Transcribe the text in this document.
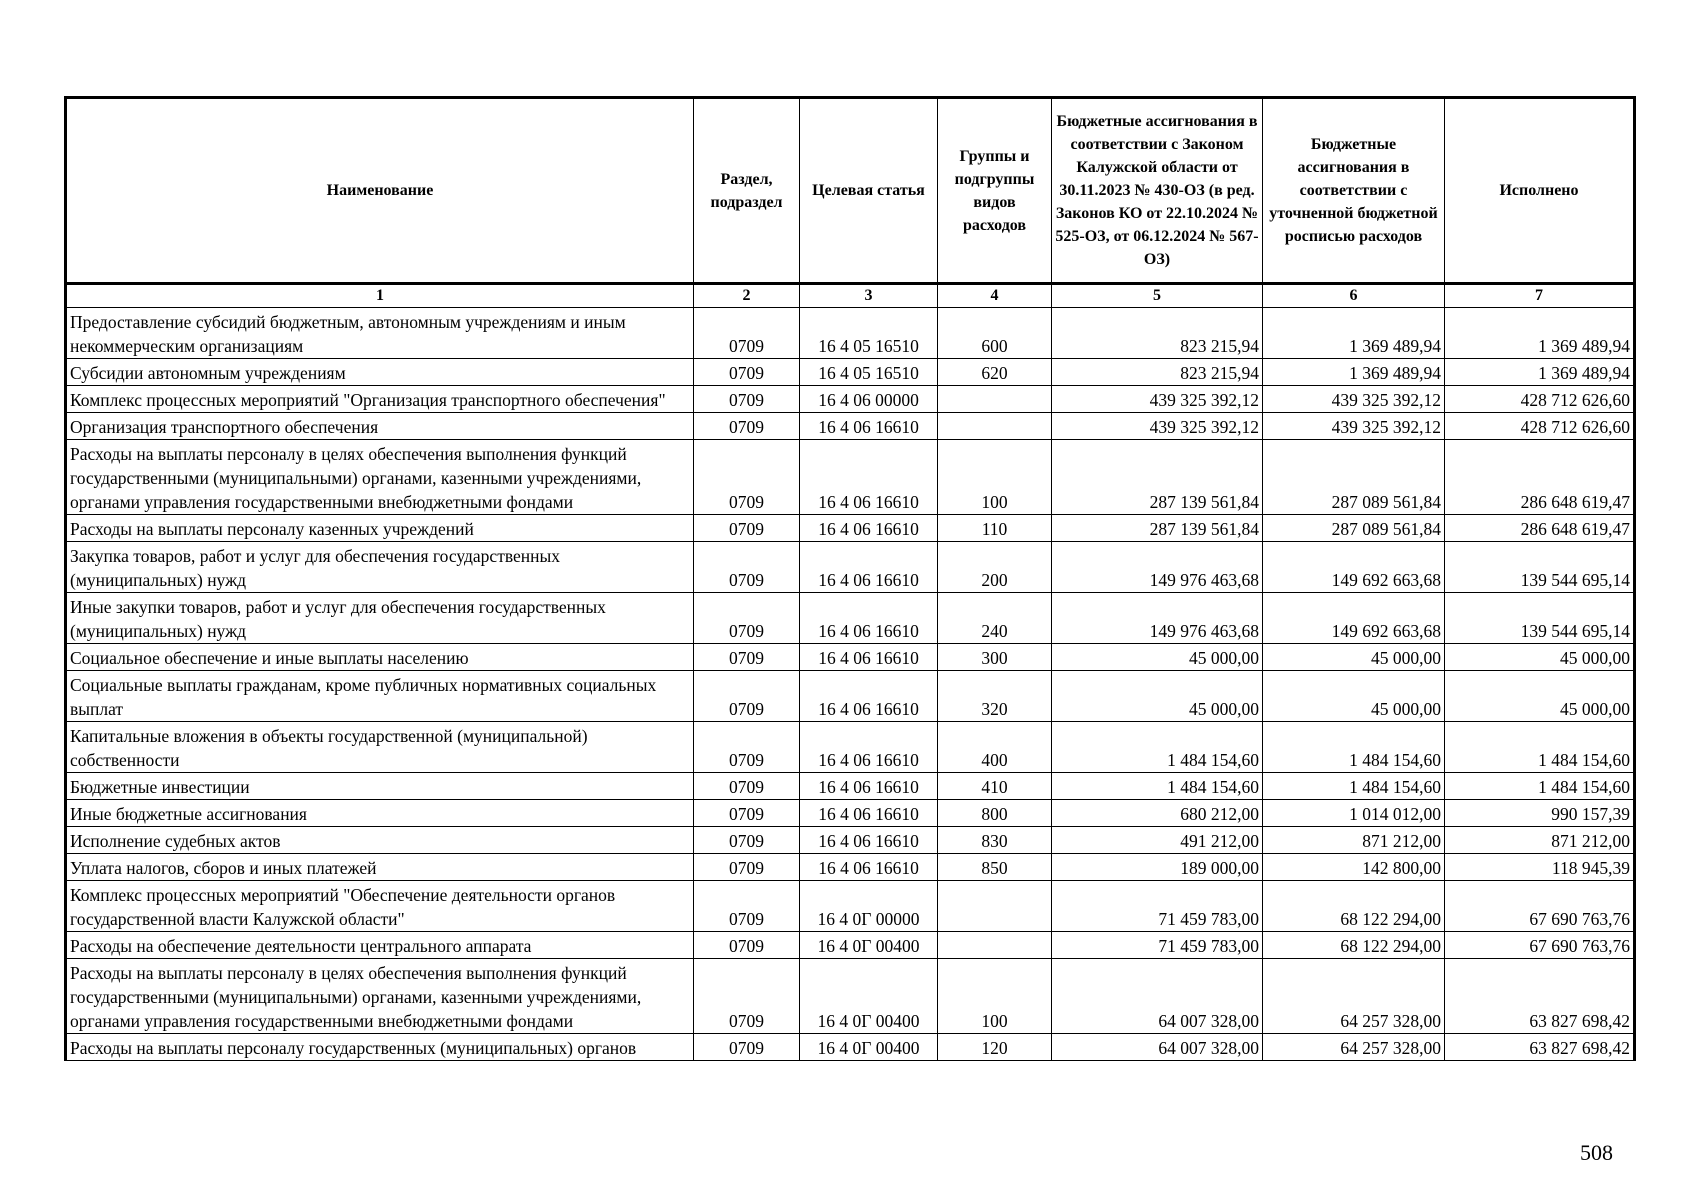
Наименование	Раздел, подраздел	Целевая статья	Группы и подгруппы видов расходов	Бюджетные ассигнования в соответствии с Законом Калужской области от 30.11.2023 № 430-ОЗ (в ред. Законов КО от 22.10.2024 № 525-ОЗ, от 06.12.2024 № 567-ОЗ)	Бюджетные ассигнования в соответствии с уточненной бюджетной росписью расходов	Исполнено
1	2	3	4	5	6	7
Предоставление субсидий бюджетным, автономным учреждениям и иным некоммерческим организациям	0709	16 4 05 16510	600	823 215,94	1 369 489,94	1 369 489,94
Субсидии автономным учреждениям	0709	16 4 05 16510	620	823 215,94	1 369 489,94	1 369 489,94
Комплекс процессных мероприятий "Организация транспортного обеспечения"	0709	16 4 06 00000		439 325 392,12	439 325 392,12	428 712 626,60
Организация транспортного обеспечения	0709	16 4 06 16610		439 325 392,12	439 325 392,12	428 712 626,60
Расходы на выплаты персоналу в целях обеспечения выполнения функций государственными (муниципальными) органами, казенными учреждениями, органами управления государственными внебюджетными фондами	0709	16 4 06 16610	100	287 139 561,84	287 089 561,84	286 648 619,47
Расходы на выплаты персоналу казенных учреждений	0709	16 4 06 16610	110	287 139 561,84	287 089 561,84	286 648 619,47
Закупка товаров, работ и услуг для обеспечения государственных (муниципальных) нужд	0709	16 4 06 16610	200	149 976 463,68	149 692 663,68	139 544 695,14
Иные закупки товаров, работ и услуг для обеспечения государственных (муниципальных) нужд	0709	16 4 06 16610	240	149 976 463,68	149 692 663,68	139 544 695,14
Социальное обеспечение и иные выплаты населению	0709	16 4 06 16610	300	45 000,00	45 000,00	45 000,00
Социальные выплаты гражданам, кроме публичных нормативных социальных выплат	0709	16 4 06 16610	320	45 000,00	45 000,00	45 000,00
Капитальные вложения в объекты государственной (муниципальной) собственности	0709	16 4 06 16610	400	1 484 154,60	1 484 154,60	1 484 154,60
Бюджетные инвестиции	0709	16 4 06 16610	410	1 484 154,60	1 484 154,60	1 484 154,60
Иные бюджетные ассигнования	0709	16 4 06 16610	800	680 212,00	1 014 012,00	990 157,39
Исполнение судебных актов	0709	16 4 06 16610	830	491 212,00	871 212,00	871 212,00
Уплата налогов, сборов и иных платежей	0709	16 4 06 16610	850	189 000,00	142 800,00	118 945,39
Комплекс процессных мероприятий "Обеспечение деятельности органов государственной власти Калужской области"	0709	16 4 0Г 00000		71 459 783,00	68 122 294,00	67 690 763,76
Расходы на обеспечение деятельности центрального аппарата	0709	16 4 0Г 00400		71 459 783,00	68 122 294,00	67 690 763,76
Расходы на выплаты персоналу в целях обеспечения выполнения функций государственными (муниципальными) органами, казенными учреждениями, органами управления государственными внебюджетными фондами	0709	16 4 0Г 00400	100	64 007 328,00	64 257 328,00	63 827 698,42
Расходы на выплаты персоналу государственных (муниципальных) органов	0709	16 4 0Г 00400	120	64 007 328,00	64 257 328,00	63 827 698,42
508
